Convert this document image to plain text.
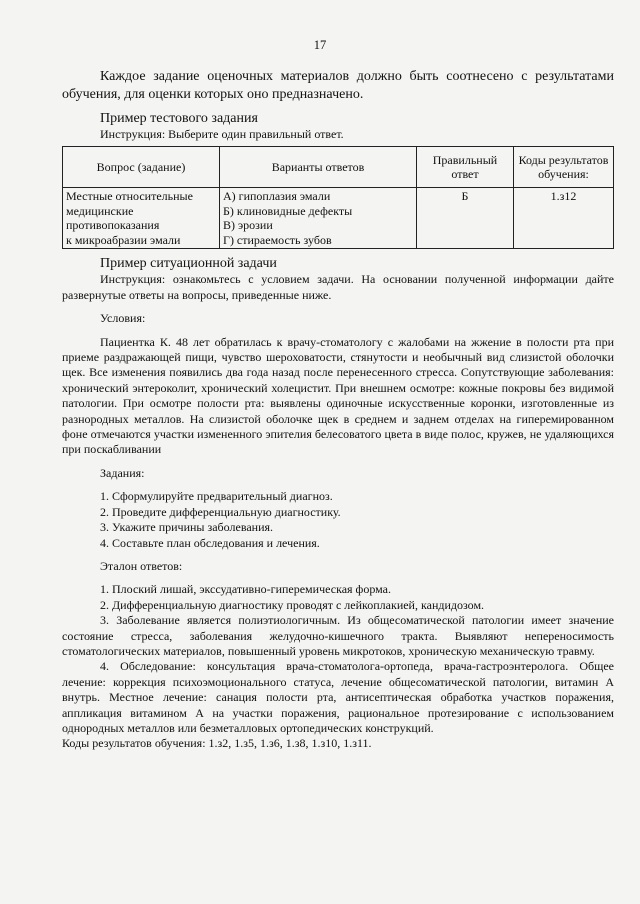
17

Каждое задание оценочных материалов должно быть соотнесено с результатами обучения, для оценки которых оно предназначено.

Пример тестового задания
Инструкция: Выберите один правильный ответ.
Вопрос (задание)	Варианты ответов	Правильный ответ	Коды результатов обучения:

Местные относительные
медицинские
противопоказания
к микроабразии эмали	А) гипоплазия эмали
Б) клиновидные дефекты
В) эрозии
Г) стираемость зубов	Б	1.з12
Пример ситуационной задачи

Инструкция: ознакомьтесь с условием задачи. На основании полученной информации дайте развернутые ответы на вопросы, приведенные ниже.

Условия:

Пациентка К. 48 лет обратилась к врачу-стоматологу с жалобами на жжение в полости рта при приеме раздражающей пищи, чувство шероховатости, стянутости и необычный вид слизистой оболочки щек. Все изменения появились два года назад после перенесенного стресса. Сопутствующие заболевания: хронический энтероколит, хронический холецистит. При внешнем осмотре: кожные покровы без видимой патологии. При осмотре полости рта: выявлены одиночные искусственные коронки, изготовленные из разнородных металлов. На слизистой оболочке щек в среднем и заднем отделах на гиперемированном фоне отмечаются участки измененного эпителия белесоватого цвета в виде полос, кружев, не удаляющихся при поскабливании

Задания:
1. Сформулируйте предварительный диагноз.
2. Проведите дифференциальную диагностику.
3. Укажите причины заболевания.
4. Составьте план обследования и лечения.
Эталон ответов:

1. Плоский лишай, экссудативно-гиперемическая форма.

2. Дифференциальную диагностику проводят с лейкоплакией, кандидозом.

3. Заболевание является полиэтиологичным. Из общесоматической патологии имеет значение состояние стресса, заболевания желудочно-кишечного тракта. Выявляют непереносимость стоматологических материалов, повышенный уровень микротоков, хроническую механическую травму.

4. Обследование: консультация врача-стоматолога-ортопеда, врача-гастроэнтеролога. Общее лечение: коррекция психоэмоционального статуса, лечение общесоматической патологии, витамин А внутрь. Местное лечение: санация полости рта, антисептическая обработка участков поражения, аппликация витамином А на участки поражения, рациональное протезирование с использованием однородных металлов или безметалловых ортопедических конструкций.

Коды результатов обучения: 1.з2, 1.з5, 1.з6, 1.з8, 1.з10, 1.з11.
